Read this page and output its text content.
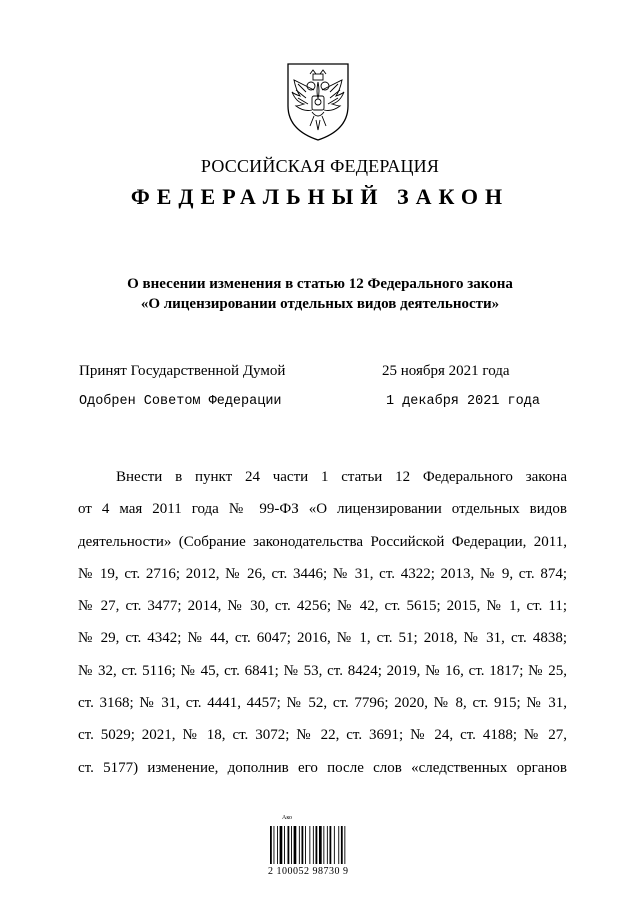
РОССИЙСКАЯ ФЕДЕРАЦИЯ
ФЕДЕРАЛЬНЫЙ ЗАКОН
О внесении изменения в статью 12 Федерального закона
«О лицензировании отдельных видов деятельности»
Принят Государственной Думой	25 ноября 2021 года
Одобрен Советом Федерации	1 декабря 2021 года
Внести в пункт 24 части 1 статьи 12 Федерального закона
от 4 мая 2011 года № 99-ФЗ «О лицензировании отдельных видов
деятельности» (Собрание законодательства Российской Федерации, 2011,
№ 19, ст. 2716; 2012, № 26, ст. 3446; № 31, ст. 4322; 2013, № 9, ст. 874;
№ 27, ст. 3477; 2014, № 30, ст. 4256; № 42, ст. 5615; 2015, № 1, ст. 11;
№ 29, ст. 4342; № 44, ст. 6047; 2016, № 1, ст. 51; 2018, № 31, ст. 4838;
№ 32, ст. 5116; № 45, ст. 6841; № 53, ст. 8424; 2019, № 16, ст. 1817; № 25,
ст. 3168; № 31, ст. 4441, 4457; № 52, ст. 7796; 2020, № 8, ст. 915; № 31,
ст. 5029; 2021, № 18, ст. 3072; № 22, ст. 3691; № 24, ст. 4188; № 27,
ст. 5177) изменение, дополнив его после слов «следственных органов
Ако
2 100052 98730 9
